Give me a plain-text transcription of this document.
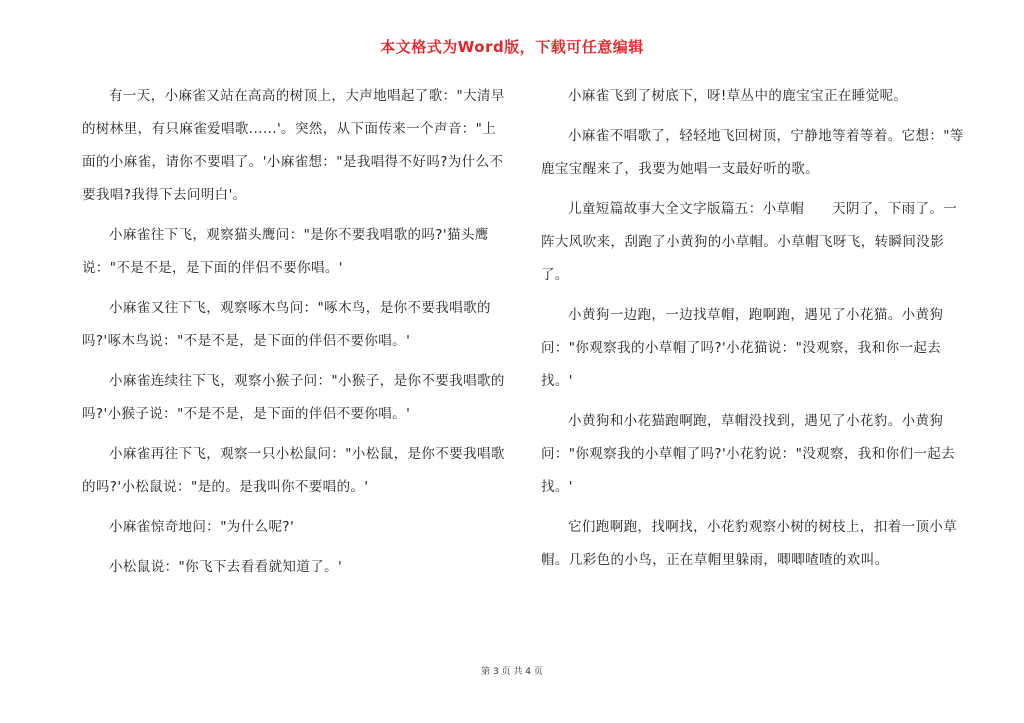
本文格式为Word版，下载可任意编辑

有一天，小麻雀又站在高高的树顶上，大声地唱起了歌："大清早的树林里，有只麻雀爱唱歌......'。突然，从下面传来一个声音："上面的小麻雀，请你不要唱了。'小麻雀想："是我唱得不好吗?为什么不要我唱?我得下去问明白'。

小麻雀往下飞，观察猫头鹰问："是你不要我唱歌的吗?'猫头鹰说："不是不是，是下面的伴侣不要你唱。'

小麻雀又往下飞，观察啄木鸟问："啄木鸟，是你不要我唱歌的吗?'啄木鸟说："不是不是，是下面的伴侣不要你唱。'

小麻雀连续往下飞，观察小猴子问："小猴子，是你不要我唱歌的吗?'小猴子说："不是不是，是下面的伴侣不要你唱。'

小麻雀再往下飞，观察一只小松鼠问："小松鼠，是你不要我唱歌的吗?'小松鼠说："是的。是我叫你不要唱的。'

小麻雀惊奇地问："为什么呢?'

小松鼠说："你飞下去看看就知道了。'

小麻雀飞到了树底下，呀!草丛中的鹿宝宝正在睡觉呢。

小麻雀不唱歌了，轻轻地飞回树顶，宁静地等着等着。它想："等鹿宝宝醒来了，我要为她唱一支最好听的歌。

儿童短篇故事大全文字版篇五：小草帽　　天阴了，下雨了。一阵大风吹来，刮跑了小黄狗的小草帽。小草帽飞呀飞，转瞬间没影了。

小黄狗一边跑，一边找草帽，跑啊跑，遇见了小花猫。小黄狗问："你观察我的小草帽了吗?'小花猫说："没观察，我和你一起去找。'

小黄狗和小花猫跑啊跑，草帽没找到，遇见了小花豹。小黄狗问："你观察我的小草帽了吗?'小花豹说："没观察，我和你们一起去找。'

它们跑啊跑，找啊找，小花豹观察小树的树枝上，扣着一顶小草帽。几彩色的小鸟，正在草帽里躲雨，唧唧喳喳的欢叫。

第 3 页 共 4 页
